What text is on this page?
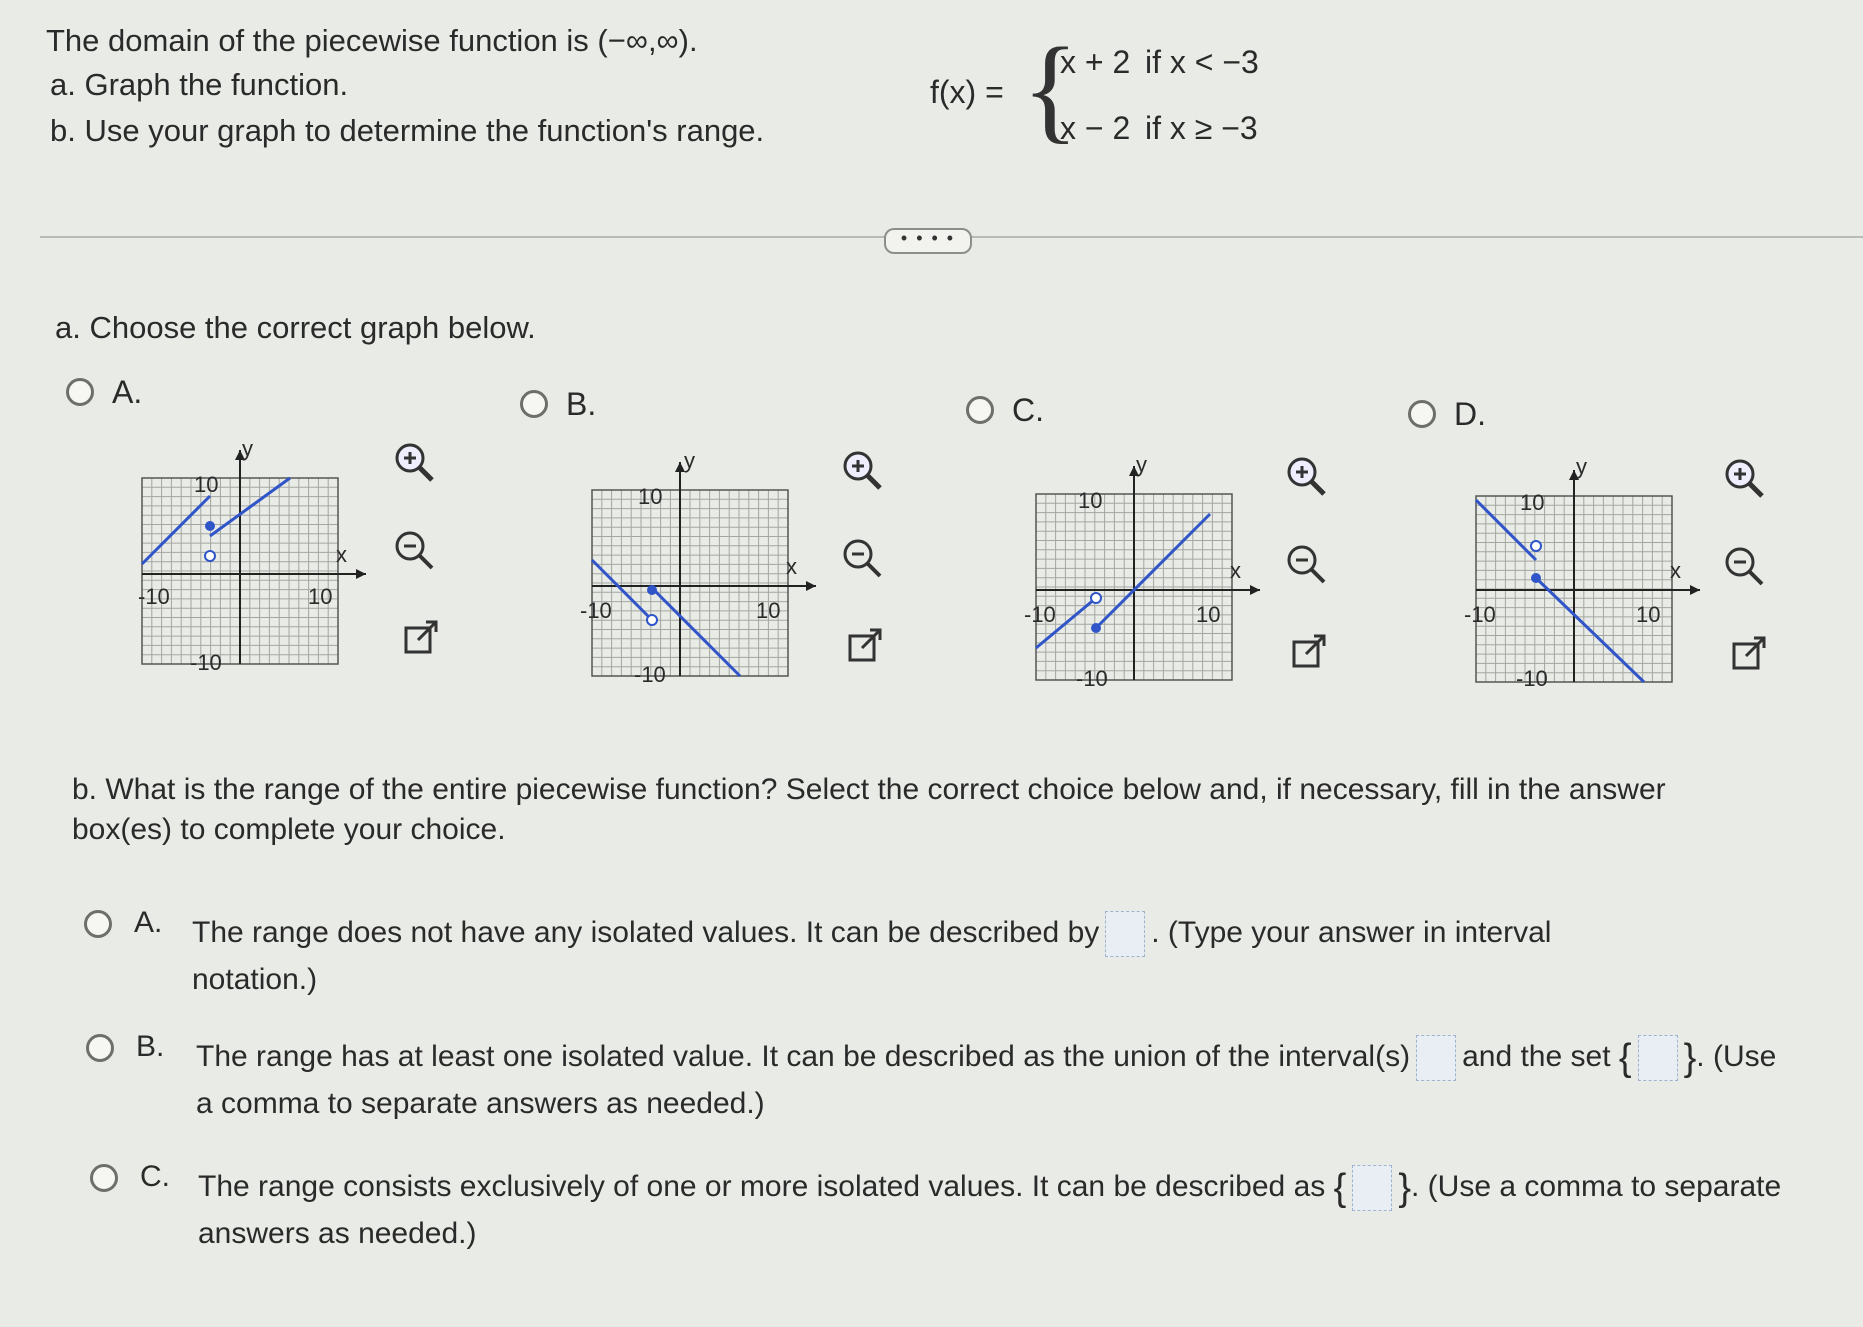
The domain of the piecewise function is (−∞,∞).
a. Graph the function.
b. Use your graph to determine the function's range.
f(x) = {
x + 2 if x < −3
x − 2 if x ≥ −3
• • • •
a. Choose the correct graph below.
A.	B.	C.	D.
y
x
10
-10	10
-10
y
x
10
-10	10
-10
y
x
10
-10	10
-10
y
x
10
-10	10
-10
b. What is the range of the entire piecewise function? Select the correct choice below and, if necessary, fill in the answer box(es) to complete your choice.
A. The range does not have any isolated values. It can be described by . (Type your answer in interval notation.)
B. The range has at least one isolated value. It can be described as the union of the interval(s) and the set { }. (Use a comma to separate answers as needed.)
C. The range consists exclusively of one or more isolated values. It can be described as { }. (Use a comma to separate answers as needed.)
